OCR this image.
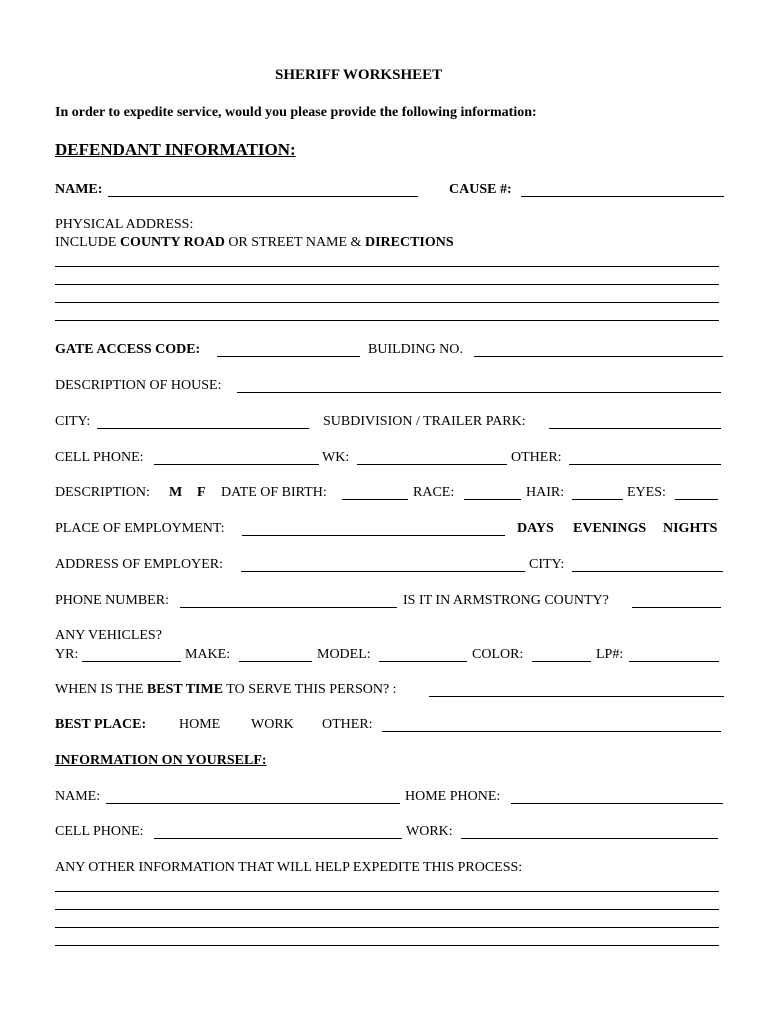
SHERIFF WORKSHEET
In order to expedite service, would you please provide the following information:
DEFENDANT INFORMATION:
NAME:	CAUSE #:
PHYSICAL ADDRESS:
INCLUDE COUNTY ROAD OR STREET NAME & DIRECTIONS
GATE ACCESS CODE:	BUILDING NO.
DESCRIPTION OF HOUSE:
CITY:	SUBDIVISION / TRAILER PARK:
CELL PHONE:	WK:	OTHER:
DESCRIPTION: M F DATE OF BIRTH:	RACE:	HAIR:	EYES:
PLACE OF EMPLOYMENT:	DAYS EVENINGS NIGHTS
ADDRESS OF EMPLOYER:	CITY:
PHONE NUMBER:	IS IT IN ARMSTRONG COUNTY?
ANY VEHICLES?
YR:	MAKE:	MODEL:	COLOR:	LP#:
WHEN IS THE BEST TIME TO SERVE THIS PERSON? :
BEST PLACE: HOME WORK OTHER:
INFORMATION ON YOURSELF:
NAME:	HOME PHONE:
CELL PHONE:	WORK:
ANY OTHER INFORMATION THAT WILL HELP EXPEDITE THIS PROCESS:
